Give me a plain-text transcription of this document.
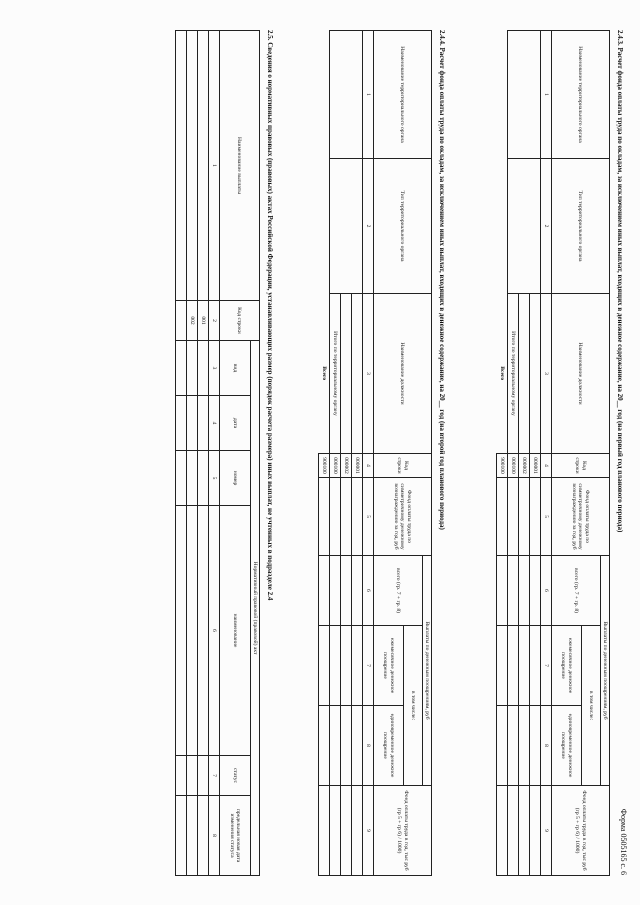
Форма 0505165 с. 6
2.4.3. Расчет фонда оплаты труда по окладам, за исключением иных выплат, входящих в денежное содержание, на 20__ год (на первый год планового периода)
Наименование территориального органа	Тип территориального органа	Наименование должности	Код строки	Фонд оплаты труда по симметричному денежному вознаграждению за год, руб	Выплаты по денежным поощрениям, руб			Фонд оплаты труда в год, тыс руб (гр 5 + гр 6) / 1000)
					всего (гр. 7 + гр. 8)	в том числе:		
						ежемесячное денежное поощрение	единовременное денежное поощрение	
1	2	3	4	5	6	7	8	9
			000001					
			000002					
		Итого по территориальному органу	000100					
		Всего	900100					
2.4.4. Расчет фонда оплаты труда по окладам, за исключением иных выплат, входящих в денежное содержание, на 20__ год (на второй год планового периода)
Наименование территориального органа	Тип территориального органа	Наименование должности	Код строки	Фонд оплаты труда по симметричному денежному вознаграждению за год, руб	Выплаты по денежным поощрениям, руб			Фонд оплаты труда в год, тыс руб (гр 5 + гр 6) / 1000)
					всего (гр. 7 + гр. 8)	в том числе:		
						ежемесячное денежное поощрение	единовременное денежное поощрение	
1	2	3	4	5	6	7	8	9
			000001					
			000002					
		Итого по территориальному органу	000100					
		Всего	900100					
2.5. Сведения о нормативных правовых (правовых) актах Российской Федерации, устанавливающих размер (порядок расчета размера) иных выплат, не учтенных в подразделе 2.4
Наименование выплаты	Код строки	Нормативный правовой (правовой) акт					
		вид	дата	номер	наименование	статус	предельная новая дата изменения статуса
1	2	3	4	5	6	7	8
	001						
	002						
